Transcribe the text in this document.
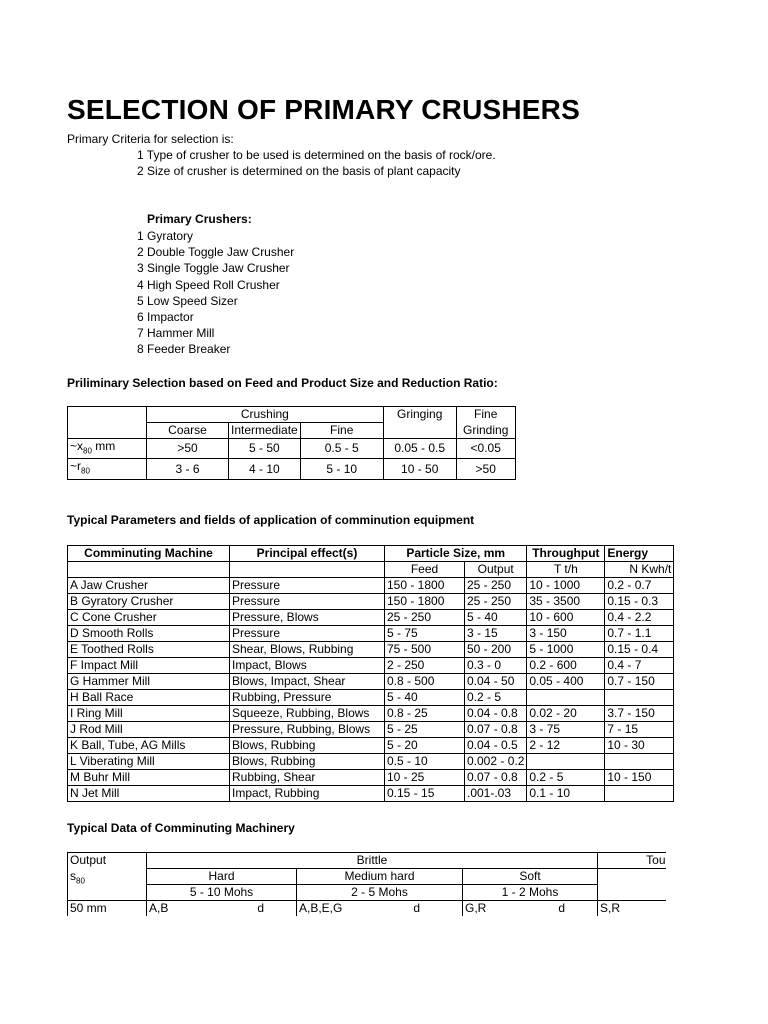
SELECTION OF PRIMARY CRUSHERS
Primary Criteria for selection is:
1 Type of crusher to be used is determined on the basis of rock/ore.
2 Size of crusher is determined on the basis of plant capacity
Primary Crushers:
1 Gyratory
2 Double Toggle Jaw Crusher
3 Single Toggle Jaw Crusher
4 High Speed Roll Crusher
5 Low Speed Sizer
6 Impactor
7 Hammer Mill
8 Feeder Breaker
Priliminary Selection based on Feed and Product Size and Reduction Ratio:
	Crushing			Gringing	Fine
	Coarse	Intermediate	Fine		Grinding
$\sim x_{80}$ mm	>50	5 - 50	0.5 - 5	0.05 - 0.5	<0.05
$\sim r_{80}$	3 - 6	4 - 10	5 - 10	10 - 50	>50
Typical Parameters and fields of application of comminution equipment
Comminuting Machine	Principal effect(s)	Particle Size, mm		Throughput	Energy
		Feed	Output	T t/h	N Kwh/t
A Jaw Crusher	Pressure	150 - 1800	25 - 250	10 - 1000	0.2 - 0.7
B Gyratory Crusher	Pressure	150 - 1800	25 - 250	35 - 3500	0.15 - 0.3
C Cone Crusher	Pressure, Blows	25 - 250	5 - 40	10 - 600	0.4 - 2.2
D Smooth Rolls	Pressure	5 - 75	3 - 15	3 - 150	0.7 - 1.1
E Toothed Rolls	Shear, Blows, Rubbing	75 - 500	50 - 200	5 - 1000	0.15 - 0.4
F Impact Mill	Impact, Blows	2 - 250	0.3 - 0	0.2 - 600	0.4 - 7
G Hammer Mill	Blows, Impact, Shear	0.8 - 500	0.04 - 50	0.05 - 400	0.7 - 150
H Ball Race	Rubbing, Pressure	5 - 40	0.2 - 5		
I Ring Mill	Squeeze, Rubbing, Blows	0.8 - 25	0.04 - 0.8	0.02 - 20	3.7 - 150
J Rod Mill	Pressure, Rubbing, Blows	5 - 25	0.07 - 0.8	3 - 75	7 - 15
K Ball, Tube, AG Mills	Blows, Rubbing	5 - 20	0.04 - 0.5	2 - 12	10 - 30
L Viberating Mill	Blows, Rubbing	0.5 - 10	0.002 - 0.2		
M Buhr Mill	Rubbing, Shear	10 - 25	0.07 - 0.8	0.2 - 5	10 - 150
N Jet Mill	Impact, Rubbing	0.15 - 15	.001-.03	0.1 - 10	
Typical Data of Comminuting Machinery
Output	Brittle			Tou
$s_{80}$	Hard	Medium hard	Soft	
	5 - 10 Mohs	2 - 5 Mohs	1 - 2 Mohs	
50 mm	A,B d	A,B,E,G d	G,R d	S,R
